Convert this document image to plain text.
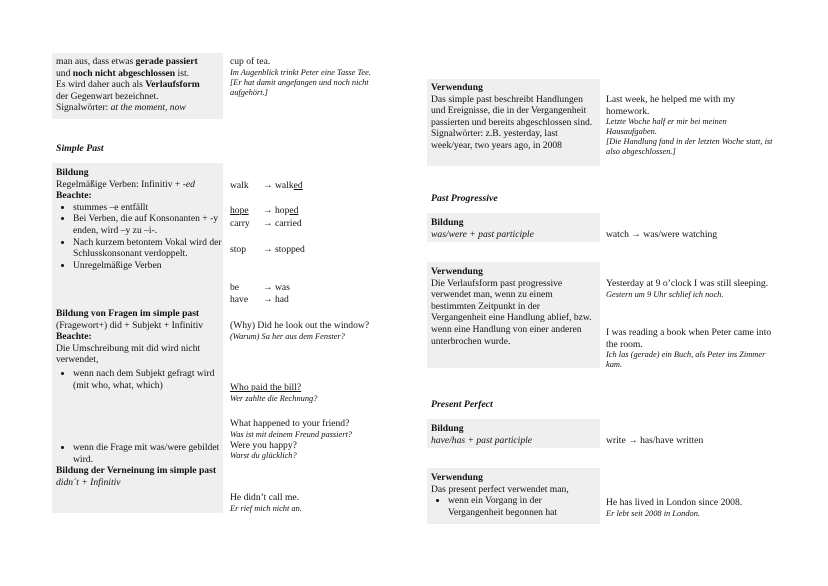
man aus, dass etwas gerade passiert
und noch nicht abgeschlossen ist.
Es wird daher auch als Verlaufsform
der Gegenwart bezeichnet.
Signalwörter: at the moment, now
cup of tea.
Im Augenblick trinkt Peter eine Tasse Tee.
[Er hat damit angefangen und noch nicht aufgehört.]
Simple Past
Bildung
Regelmäßige Verben: Infinitiv + -ed
Beachte:
• stummes –e entfällt
• Bei Verben, die auf Konsonanten + -y enden, wird –y zu –i-.
• Nach kurzem betontem Vokal wird der Schlusskonsonant verdoppelt.
• Unregelmäßige Verben
walk → walked
hope → hoped
carry → carried
stop → stopped
be → was
have → had
Bildung von Fragen im simple past
(Fragewort+) did + Subjekt + Infinitiv
Beachte:
Die Umschreibung mit did wird nicht verwendet,
• wenn nach dem Subjekt gefragt wird (mit who, what, which)
• wenn die Frage mit was/were gebildet wird.
Bildung der Verneinung im simple past
didn´t + Infinitiv
(Why) Did he look out the window?
(Warum) Sa her aus dem Fenster?
Who paid the bill?
Wer zahlte die Rechnung?
What happened to your friend?
Was ist mit deinem Freund passiert?
Were you happy?
Warst du glücklich?
He didn’t call me.
Er rief mich nicht an.
Verwendung
Das simple past beschreibt Handlungen und Ereignisse, die in der Vergangenheit passierten und bereits abgeschlossen sind.
Signalwörter: z.B. yesterday, last week/year, two years ago, in 2008
Last week, he helped me with my homework.
Letzte Woche half er mir bei meinen Hausaufgaben.
[Die Handlung fand in der letzten Woche statt, ist also abgeschlossen.]
Past Progressive
Bildung
was/were + past participle	watch → was/were watching
Verwendung
Die Verlaufsform past progressive verwendet man, wenn zu einem bestimmten Zeitpunkt in der Vergangenheit eine Handlung ablief, bzw. wenn eine Handlung von einer anderen unterbrochen wurde.
Yesterday at 9 o’clock I was still sleeping.
Gestern um 9 Uhr schlief ich noch.
I was reading a book when Peter came into the room.
Ich las (gerade) ein Buch, als Peter ins Zimmer kam.
Present Perfect
Bildung
have/has + past participle	write → has/have written
Verwendung
Das present perfect verwendet man,
• wenn ein Vorgang in der Vergangenheit begonnen hat
He has lived in London since 2008.
Er lebt seit 2008 in London.
